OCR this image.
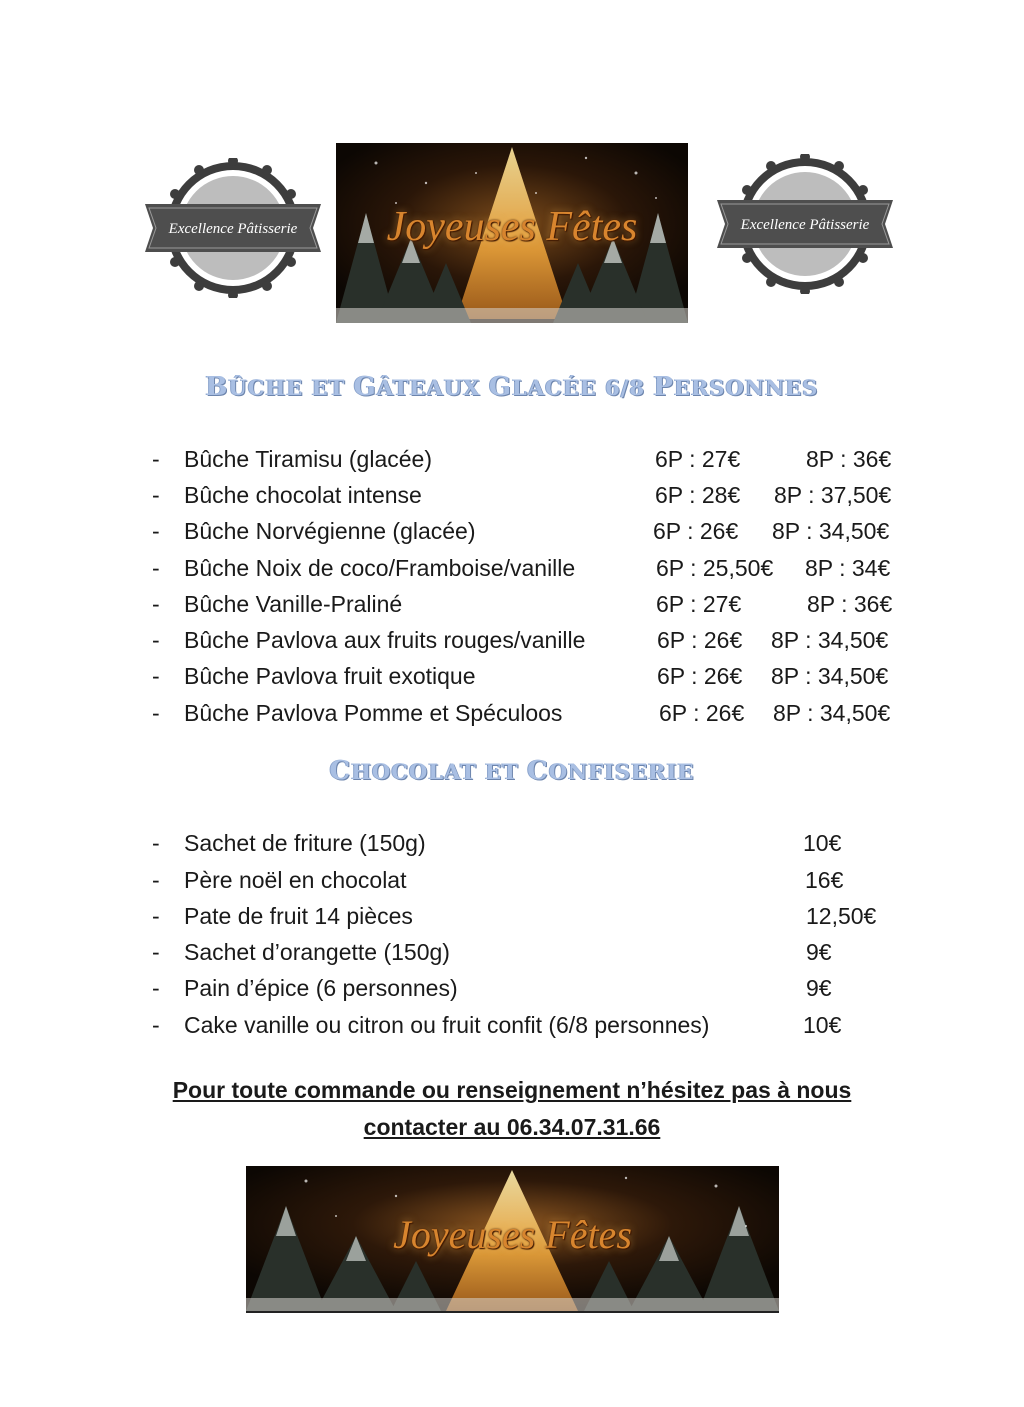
Excellence Pâtisserie	Excellence Pâtisserie
Joyeuses Fêtes
BÛCHE ET GÂTEAUX GLACÉE 6/8 PERSONNES
- Bûche Tiramisu (glacée)	6P : 27€	8P : 36€
- Bûche chocolat intense	6P : 28€ 8P : 37,50€
- Bûche Norvégienne (glacée)	6P : 26€ 8P : 34,50€
- Bûche Noix de coco/Framboise/vanille	6P : 25,50€ 8P : 34€
- Bûche Vanille-Praliné	6P : 27€	8P : 36€
- Bûche Pavlova aux fruits rouges/vanille	6P : 26€ 8P : 34,50€
- Bûche Pavlova fruit exotique	6P : 26€ 8P : 34,50€
- Bûche Pavlova Pomme et Spéculoos	6P : 26€ 8P : 34,50€
CHOCOLAT ET CONFISERIE
- Sachet de friture (150g)	10€
- Père noël en chocolat	16€
- Pate de fruit 14 pièces	12,50€
- Sachet d’orangette (150g)	9€
- Pain d’épice (6 personnes)	9€
- Cake vanille ou citron ou fruit confit (6/8 personnes)	10€
Pour toute commande ou renseignement n’hésitez pas à nous
contacter au 06.34.07.31.66
Joyeuses Fêtes
